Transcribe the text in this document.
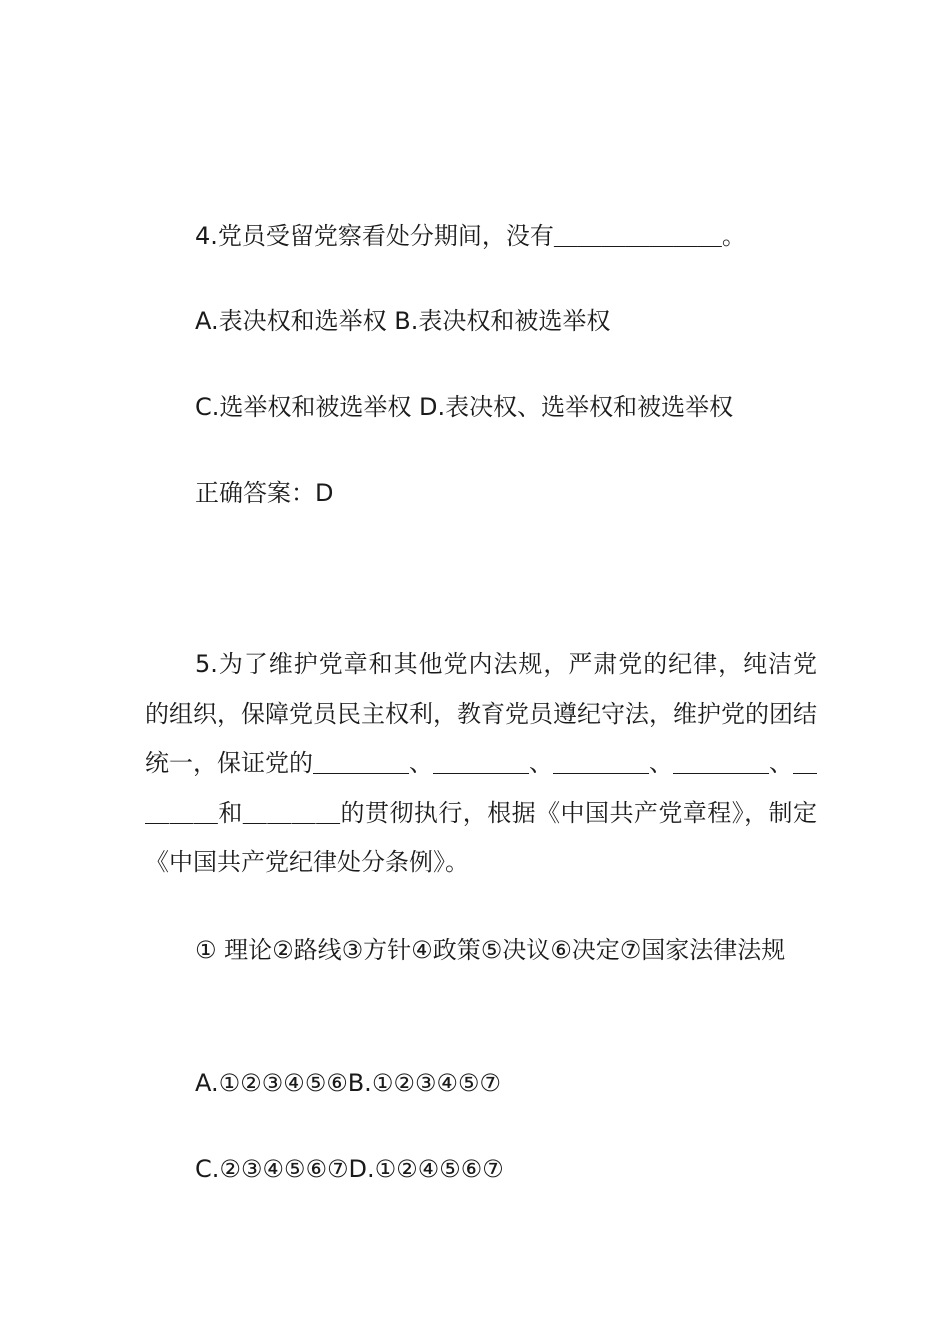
4.党员受留党察看处分期间，没有＿＿＿＿＿＿＿。

A.表决权和选举权 B.表决权和被选举权

C.选举权和被选举权 D.表决权、选举权和被选举权

正确答案：D

5.为了维护党章和其他党内法规，严肃党的纪律，纯洁党的组织，保障党员民主权利，教育党员遵纪守法，维护党的团结统一，保证党的＿＿＿＿、＿＿＿＿、＿＿＿＿、＿＿＿＿、＿＿＿＿和＿＿＿＿的贯彻执行，根据《中国共产党章程》，制定《中国共产党纪律处分条例》。

① 理论②路线③方针④政策⑤决议⑥决定⑦国家法律法规

A.①②③④⑤⑥B.①②③④⑤⑦

C.②③④⑤⑥⑦D.①②④⑤⑥⑦
